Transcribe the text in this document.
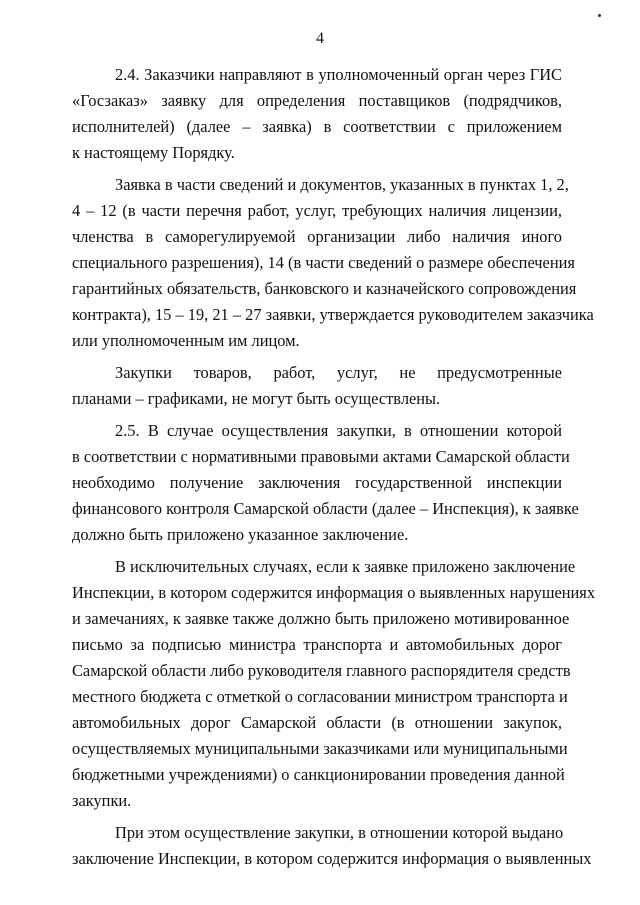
4
2.4. Заказчики направляют в уполномоченный орган через ГИС
«Госзаказ» заявку для определения поставщиков (подрядчиков,
исполнителей) (далее – заявка) в соответствии с приложением
к настоящему Порядку.
Заявка в части сведений и документов, указанных в пунктах 1, 2,
4 – 12 (в части перечня работ, услуг, требующих наличия лицензии,
членства в саморегулируемой организации либо наличия иного
специального разрешения), 14 (в части сведений о размере обеспечения
гарантийных обязательств, банковского и казначейского сопровождения
контракта), 15 – 19, 21 – 27 заявки, утверждается руководителем заказчика
или уполномоченным им лицом.
Закупки товаров, работ, услуг, не предусмотренные
планами – графиками, не могут быть осуществлены.
2.5. В случае осуществления закупки, в отношении которой
в соответствии с нормативными правовыми актами Самарской области
необходимо получение заключения государственной инспекции
финансового контроля Самарской области (далее – Инспекция), к заявке
должно быть приложено указанное заключение.
В исключительных случаях, если к заявке приложено заключение
Инспекции, в котором содержится информация о выявленных нарушениях
и замечаниях, к заявке также должно быть приложено мотивированное
письмо за подписью министра транспорта и автомобильных дорог
Самарской области либо руководителя главного распорядителя средств
местного бюджета с отметкой о согласовании министром транспорта и
автомобильных дорог Самарской области (в отношении закупок,
осуществляемых муниципальными заказчиками или муниципальными
бюджетными учреждениями) о санкционировании проведения данной
закупки.
При этом осуществление закупки, в отношении которой выдано
заключение Инспекции, в котором содержится информация о выявленных
